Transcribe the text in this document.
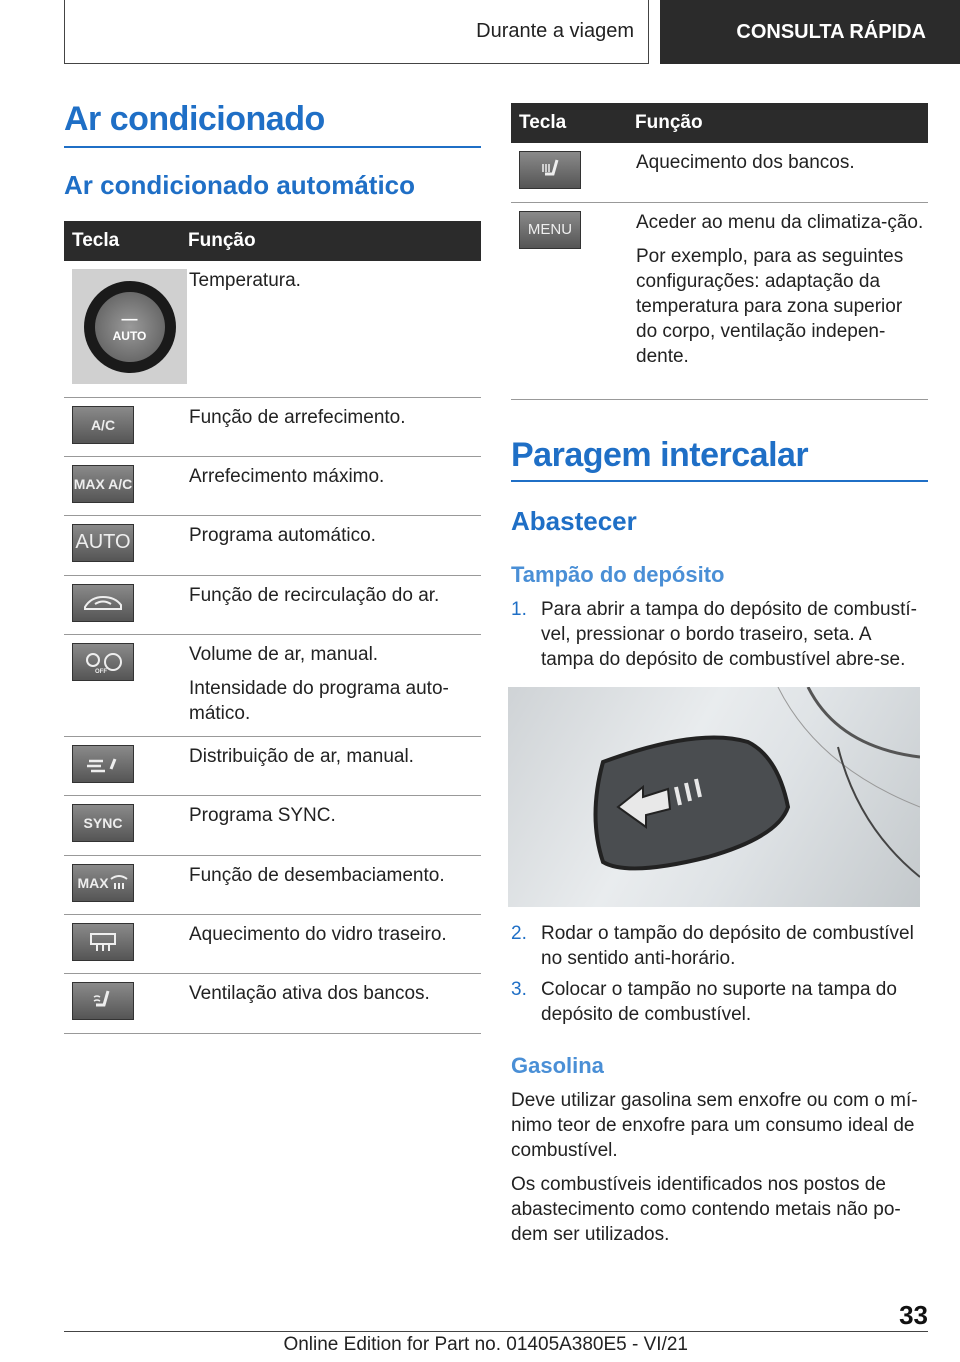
Durante a viagem	CONSULTA RÁPIDA
Ar condicionado
Ar condicionado automático
Tecla	Função

—
AUTO	Temperatura.

A/C	Função de arrefecimento.

MAX A/C	Arrefecimento máximo.

AUTO	Programa automático.

Função de recirculação do ar.

OFF	Volume de ar, manual.

Intensidade do programa auto-mático.

Distribuição de ar, manual.

SYNC	Programa SYNC.

MAX	Função de desembaciamento.

Aquecimento do vidro traseiro.

Ventilação ativa dos bancos.

Tecla	Função

Aquecimento dos bancos.

MENU	Aceder ao menu da climatiza-ção.

Por exemplo, para as seguintes configurações: adaptação da temperatura para zona superior do corpo, ventilação indepen-dente.

Paragem intercalar
Abastecer
Tampão do depósito
1. Para abrir a tampa do depósito de combustí-vel, pressionar o bordo traseiro, seta. A tampa do depósito de combustível abre-se.
2. Rodar o tampão do depósito de combustível no sentido anti-horário.
3. Colocar o tampão no suporte na tampa do depósito de combustível.
Gasolina

Deve utilizar gasolina sem enxofre ou com o mí-nimo teor de enxofre para um consumo ideal de combustível.

Os combustíveis identificados nos postos de abastecimento como contendo metais não po-dem ser utilizados.

33
Online Edition for Part no. 01405A380E5 - VI/21
